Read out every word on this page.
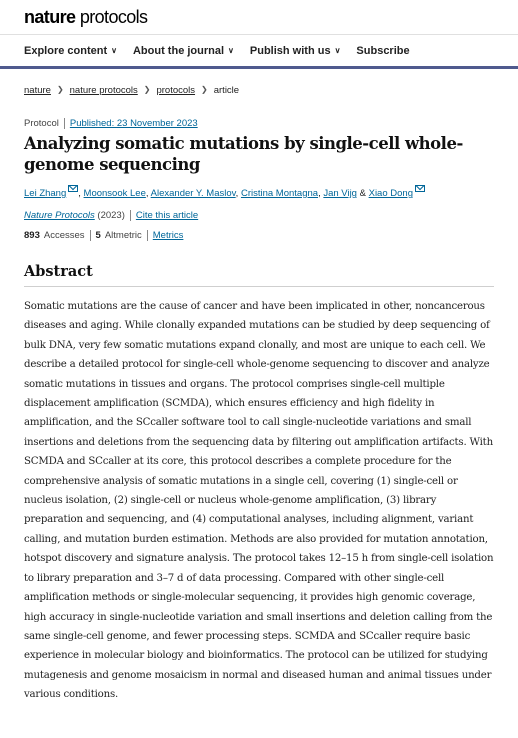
nature protocols
Explore content ∨ About the journal ∨ Publish with us ∨ Subscribe
nature ❯ nature protocols ❯ protocols ❯ article
Protocol Published: 23 November 2023
Analyzing somatic mutations by single-cell whole-genome sequencing
Lei Zhang , Moonsook Lee, Alexander Y. Maslov, Cristina Montagna, Jan Vijg & Xiao Dong
Nature Protocols
(2023) Cite this article
893 Accesses 5 Altmetric Metrics
Abstract

Somatic mutations are the cause of cancer and have been implicated in other, noncancerous diseases and aging. While clonally expanded mutations can be studied by deep sequencing of bulk DNA, very few somatic mutations expand clonally, and most are unique to each cell. We describe a detailed protocol for single-cell whole-genome sequencing to discover and analyze somatic mutations in tissues and organs. The protocol comprises single-cell multiple displacement amplification (SCMDA), which ensures efficiency and high fidelity in amplification, and the SCcaller software tool to call single-nucleotide variations and small insertions and deletions from the sequencing data by filtering out amplification artifacts. With SCMDA and SCcaller at its core, this protocol describes a complete procedure for the comprehensive analysis of somatic mutations in a single cell, covering (1) single-cell or nucleus isolation, (2) single-cell or nucleus whole-genome amplification, (3) library preparation and sequencing, and (4) computational analyses, including alignment, variant calling, and mutation burden estimation. Methods are also provided for mutation annotation, hotspot discovery and signature analysis. The protocol takes 12–15 h from single-cell isolation to library preparation and 3–7 d of data processing. Compared with other single-cell amplification methods or single-molecular sequencing, it provides high genomic coverage, high accuracy in single-nucleotide variation and small insertions and deletion calling from the same single-cell genome, and fewer processing steps. SCMDA and SCcaller require basic experience in molecular biology and bioinformatics. The protocol can be utilized for studying mutagenesis and genome mosaicism in normal and diseased human and animal tissues under various conditions.
